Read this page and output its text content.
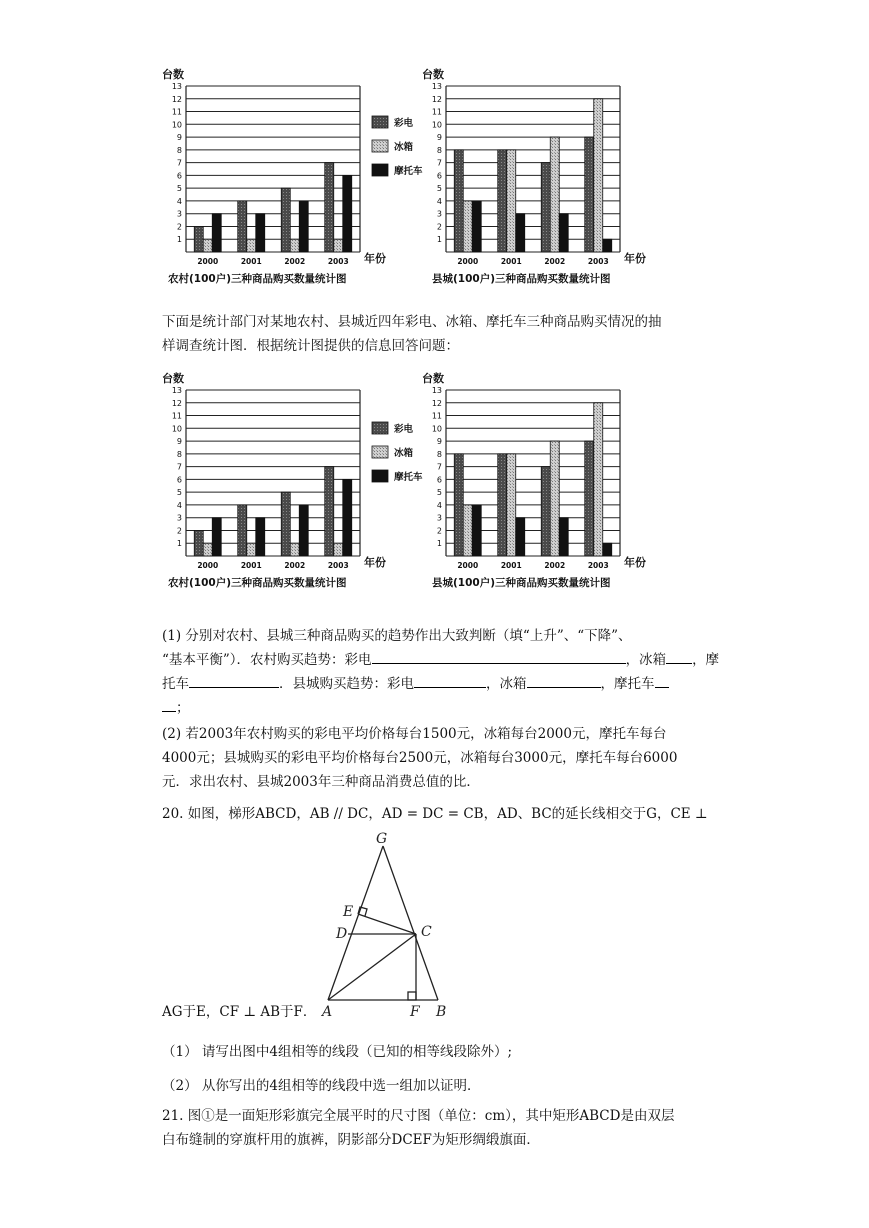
台数
1
2
3
4
5
6
7
8
9
10
11
12
13
2000	2001	2002	2003 年份
农村(100户)三种商品购买数量统计图
彩电
冰箱
摩托车
台数
1
2
3
4
5
6
7
8
9
10
11
12
13
2000	2001	2002	2003 年份
县城(100户)三种商品购买数量统计图
下面是统计部门对某地农村、县城近四年彩电、冰箱、摩托车三种商品购买情况的抽
样调查统计图．根据统计图提供的信息回答问题：
台数
1
2
3
4
5
6
7
8
9
10
11
12
13
2000	2001	2002	2003 年份
农村(100户)三种商品购买数量统计图
彩电
冰箱
摩托车
台数
1
2
3
4
5
6
7
8
9
10
11
12
13
2000	2001	2002	2003 年份
县城(100户)三种商品购买数量统计图
(1) 分别对农村、县城三种商品购买的趋势作出大致判断（填“上升”、“下降”、
“基本平衡”）．农村购买趋势：彩电	，冰箱 ，摩
托车	．县城购买趋势：彩电	，冰箱	，摩托车
；
(2) 若2003年农村购买的彩电平均价格每台1500元，冰箱每台2000元，摩托车每台
4000元；县城购买的彩电平均价格每台2500元，冰箱每台3000元，摩托车每台6000
元．求出农村、县城2003年三种商品消费总值的比．
20. 如图，梯形ABCD，AB // DC，AD = DC = CB，AD、BC的延长线相交于G，CE ⊥
G
E
D	C
A	F B
AG于E，CF ⊥ AB于F．
（1） 请写出图中4组相等的线段（已知的相等线段除外）;
（2） 从你写出的4组相等的线段中选一组加以证明．
21. 图①是一面矩形彩旗完全展平时的尺寸图（单位：cm），其中矩形ABCD是由双层
白布缝制的穿旗杆用的旗裤，阴影部分DCEF为矩形绸缎旗面．
